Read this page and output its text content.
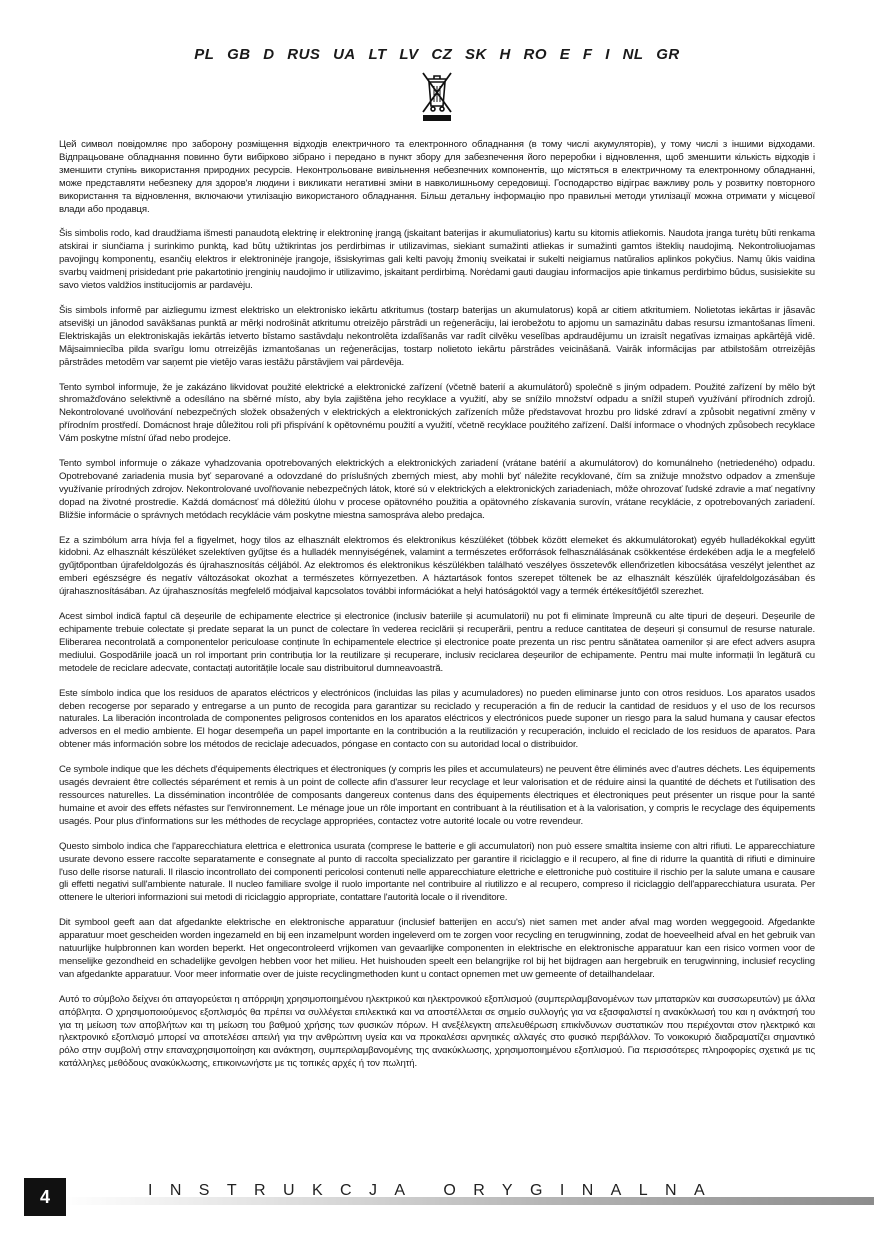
PL GB D RUS UA LT LV CZ SK H RO E F I NL GR

Цей символ повідомляє про заборону розміщення відходів електричного та електронного обладнання (в тому числі акумуляторів), у тому числі з іншими відходами. Відпрацьоване обладнання повинно бути вибірково зібрано і передано в пункт збору для забезпечення його переробки і відновлення, щоб зменшити кількість відходів і зменшити ступінь використання природних ресурсів. Неконтрольоване вивільнення небезпечних компонентів, що містяться в електричному та електронному обладнанні, може представляти небезпеку для здоров'я людини і викликати негативні зміни в навколишньому середовищі. Господарство відіграє важливу роль у розвитку повторного використання та відновлення, включаючи утилізацію використаного обладнання. Більш детальну інформацію про правильні методи утилізації можна отримати у місцевої влади або продавця.

Šis simbolis rodo, kad draudžiama išmesti panaudotą elektrinę ir elektroninę įrangą (įskaitant baterijas ir akumuliatorius) kartu su kitomis atliekomis. Naudota įranga turėtų būti renkama atskirai ir siunčiama į surinkimo punktą, kad būtų užtikrintas jos perdirbimas ir utilizavimas, siekiant sumažinti atliekas ir sumažinti gamtos išteklių naudojimą. Nekontroliuojamas pavojingų komponentų, esančių elektros ir elektroninėje įrangoje, išsiskyrimas gali kelti pavojų žmonių sveikatai ir sukelti neigiamus natūralios aplinkos pokyčius. Namų ūkis vaidina svarbų vaidmenį prisidedant prie pakartotinio įrenginių naudojimo ir utilizavimo, įskaitant perdirbimą. Norėdami gauti daugiau informacijos apie tinkamus perdirbimo būdus, susisiekite su savo vietos valdžios institucijomis ar pardavėju.

Šis simbols informē par aizliegumu izmest elektrisko un elektronisko iekārtu atkritumus (tostarp baterijas un akumulatorus) kopā ar citiem atkritumiem. Nolietotas iekārtas ir jāsavāc atsevišķi un jānodod savākšanas punktā ar mērķi nodrošināt atkritumu otreizējo pārstrādi un reģenerāciju, lai ierobežotu to apjomu un samazinātu dabas resursu izmantošanas līmeni. Elektriskajās un elektroniskajās iekārtās ietverto bīstamo sastāvdaļu nekontrolēta izdalīšanās var radīt cilvēku veselības apdraudējumu un izraisīt negatīvas izmaiņas apkārtējā vidē. Mājsaimniecība pilda svarīgu lomu otrreizējās izmantošanas un reģenerācijas, tostarp nolietoto iekārtu pārstrādes veicināšanā. Vairāk informācijas par atbilstošām otrreizējās pārstrādes metodēm var saņemt pie vietējo varas iestāžu pārstāvjiem vai pārdevēja.

Tento symbol informuje, že je zakázáno likvidovat použité elektrické a elektronické zařízení (včetně baterií a akumulátorů) společně s jiným odpadem. Použité zařízení by mělo být shromažďováno selektivně a odesíláno na sběrné místo, aby byla zajištěna jeho recyklace a využití, aby se snížilo množství odpadu a snížil stupeň využívání přírodních zdrojů. Nekontrolované uvolňování nebezpečných složek obsažených v elektrických a elektronických zařízeních může představovat hrozbu pro lidské zdraví a způsobit negativní změny v přírodním prostředí. Domácnost hraje důležitou roli při přispívání k opětovnému použití a využití, včetně recyklace použitého zařízení. Další informace o vhodných způsobech recyklace Vám poskytne místní úřad nebo prodejce.

Tento symbol informuje o zákaze vyhadzovania opotrebovaných elektrických a elektronických zariadení (vrátane batérií a akumulátorov) do komunálneho (netriedeného) odpadu. Opotrebované zariadenia musia byť separované a odovzdané do príslušných zberných miest, aby mohli byť náležite recyklované, čím sa znižuje množstvo odpadov a zmenšuje využívanie prírodných zdrojov. Nekontrolované uvoľňovanie nebezpečných látok, ktoré sú v elektrických a elektronických zariadeniach, môže ohrozovať ľudské zdravie a mať negatívny dopad na životné prostredie. Každá domácnosť má dôležitú úlohu v procese opätovného použitia a opätovného získavania surovín, vrátane recyklácie, z opotrebovaných zariadení. Bližšie informácie o správnych metódach recyklácie vám poskytne miestna samospráva alebo predajca.

Ez a szimbólum arra hívja fel a figyelmet, hogy tilos az elhasznált elektromos és elektronikus készüléket (többek között elemeket és akkumulátorokat) egyéb hulladékokkal együtt kidobni. Az elhasznált készüléket szelektíven gyűjtse és a hulladék mennyiségének, valamint a természetes erőforrások felhasználásának csökkentése érdekében adja le a megfelelő gyűjtőpontban újrafeldolgozás és újrahasznosítás céljából. Az elektromos és elektronikus készülékben található veszélyes összetevők ellenőrizetlen kibocsátása veszélyt jelenthet az emberi egészségre és negatív változásokat okozhat a természetes környezetben. A háztartások fontos szerepet töltenek be az elhasznált készülék újrafeldolgozásában és újrahasznosításában. Az újrahasznosítás megfelelő módjaival kapcsolatos további információkat a helyi hatóságoktól vagy a termék értékesítőjétől szerezhet.

Acest simbol indică faptul că deșeurile de echipamente electrice și electronice (inclusiv bateriile și acumulatorii) nu pot fi eliminate împreună cu alte tipuri de deșeuri. Deșeurile de echipamente trebuie colectate și predate separat la un punct de colectare în vederea reciclării și recuperării, pentru a reduce cantitatea de deșeuri și consumul de resurse naturale. Eliberarea necontrolată a componentelor periculoase conținute în echipamentele electrice și electronice poate prezenta un risc pentru sănătatea oamenilor și are efect advers asupra mediului. Gospodăriile joacă un rol important prin contribuția lor la reutilizare și recuperare, inclusiv reciclarea deșeurilor de echipamente. Pentru mai multe informații în legătură cu metodele de reciclare adecvate, contactați autoritățile locale sau distribuitorul dumneavoastră.

Este símbolo indica que los residuos de aparatos eléctricos y electrónicos (incluidas las pilas y acumuladores) no pueden eliminarse junto con otros residuos. Los aparatos usados deben recogerse por separado y entregarse a un punto de recogida para garantizar su reciclado y recuperación a fin de reducir la cantidad de residuos y el uso de los recursos naturales. La liberación incontrolada de componentes peligrosos contenidos en los aparatos eléctricos y electrónicos puede suponer un riesgo para la salud humana y causar efectos adversos en el medio ambiente. El hogar desempeña un papel importante en la contribución a la reutilización y recuperación, incluido el reciclado de los residuos de aparatos. Para obtener más información sobre los métodos de reciclaje adecuados, póngase en contacto con su autoridad local o distribuidor.

Ce symbole indique que les déchets d'équipements électriques et électroniques (y compris les piles et accumulateurs) ne peuvent être éliminés avec d'autres déchets. Les équipements usagés devraient être collectés séparément et remis à un point de collecte afin d'assurer leur recyclage et leur valorisation et de réduire ainsi la quantité de déchets et l'utilisation des ressources naturelles. La dissémination incontrôlée de composants dangereux contenus dans des équipements électriques et électroniques peut présenter un risque pour la santé humaine et avoir des effets néfastes sur l'environnement. Le ménage joue un rôle important en contribuant à la réutilisation et à la valorisation, y compris le recyclage des équipements usagés. Pour plus d'informations sur les méthodes de recyclage appropriées, contactez votre autorité locale ou votre revendeur.

Questo simbolo indica che l'apparecchiatura elettrica e elettronica usurata (comprese le batterie e gli accumulatori) non può essere smaltita insieme con altri rifiuti. Le apparecchiature usurate devono essere raccolte separatamente e consegnate al punto di raccolta specializzato per garantire il riciclaggio e il recupero, al fine di ridurre la quantità di rifiuti e diminuire l'uso delle risorse naturali. Il rilascio incontrollato dei componenti pericolosi contenuti nelle apparecchiature elettriche e elettroniche può costituire il rischio per la salute umana e causare gli effetti negativi sull'ambiente naturale. Il nucleo familiare svolge il ruolo importante nel contribuire al riutilizzo e al recupero, compreso il riciclaggio dell'apparecchiatura usurata. Per ottenere le ulteriori informazioni sui metodi di riciclaggio appropriate, contattare l'autorità locale o il rivenditore.

Dit symbool geeft aan dat afgedankte elektrische en elektronische apparatuur (inclusief batterijen en accu's) niet samen met ander afval mag worden weggegooid. Afgedankte apparatuur moet gescheiden worden ingezameld en bij een inzamelpunt worden ingeleverd om te zorgen voor recycling en terugwinning, zodat de hoeveelheid afval en het gebruik van natuurlijke hulpbronnen kan worden beperkt. Het ongecontroleerd vrijkomen van gevaarlijke componenten in elektrische en elektronische apparatuur kan een risico vormen voor de menselijke gezondheid en schadelijke gevolgen hebben voor het milieu. Het huishouden speelt een belangrijke rol bij het bijdragen aan hergebruik en terugwinning, inclusief recycling van afgedankte apparatuur. Voor meer informatie over de juiste recyclingmethoden kunt u contact opnemen met uw gemeente of detailhandelaar.

Αυτό το σύμβολο δείχνει ότι απαγορεύεται η απόρριψη χρησιμοποιημένου ηλεκτρικού και ηλεκτρονικού εξοπλισμού (συμπεριλαμβανομένων των μπαταριών και συσσωρευτών) με άλλα απόβλητα. Ο χρησιμοποιούμενος εξοπλισμός θα πρέπει να συλλέγεται επιλεκτικά και να αποστέλλεται σε σημείο συλλογής για να εξασφαλιστεί η ανακύκλωσή του και η ανάκτησή του για τη μείωση των αποβλήτων και τη μείωση του βαθμού χρήσης των φυσικών πόρων. Η ανεξέλεγκτη απελευθέρωση επικίνδυνων συστατικών που περιέχονται στον ηλεκτρικό και ηλεκτρονικό εξοπλισμό μπορεί να αποτελέσει απειλή για την ανθρώπινη υγεία και να προκαλέσει αρνητικές αλλαγές στο φυσικό περιβάλλον. Το νοικοκυριό διαδραματίζει σημαντικό ρόλο στην συμβολή στην επαναχρησιμοποίηση και ανάκτηση, συμπεριλαμβανομένης της ανακύκλωσης, χρησιμοποιημένου εξοπλισμού. Για περισσότερες πληροφορίες σχετικά με τις κατάλληλες μεθόδους ανακύκλωσης, επικοινωνήστε με τις τοπικές αρχές ή τον πωλητή.

4	INSTRUKCJA ORYGINALNA
